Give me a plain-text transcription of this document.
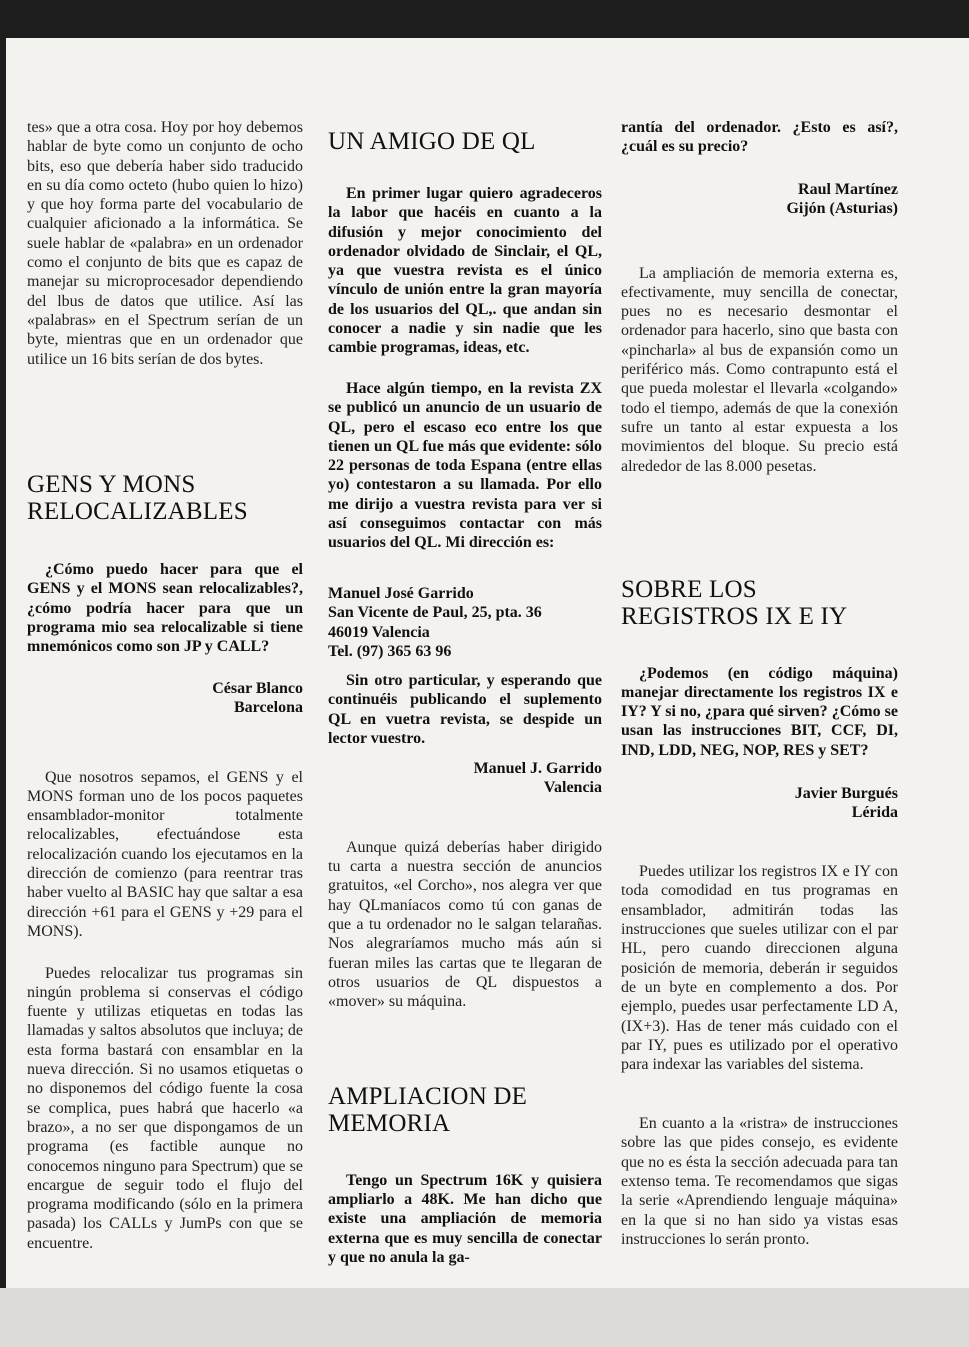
tes» que a otra cosa. Hoy por hoy debemos hablar de byte como un conjunto de ocho bits, eso que debería haber sido traducido en su día como octeto (hubo quien lo hizo) y que hoy forma parte del vocabulario de cualquier aficionado a la informática. Se suele hablar de «palabra» en un ordenador como el conjunto de bits que es capaz de manejar su microprocesador dependiendo del lbus de datos que utilice. Así las «palabras» en el Spectrum serían de un byte, mientras que en un ordenador que utilice un 16 bits serían de dos bytes.

GENS Y MONS RELOCALIZABLES

¿Cómo puedo hacer para que el GENS y el MONS sean relocalizables?, ¿cómo podría hacer para que un programa mio sea relocalizable si tiene mnemónicos como son JP y CALL?

César Blanco

Barcelona

Que nosotros sepamos, el GENS y el MONS forman uno de los pocos paquetes ensamblador-monitor totalmente relocalizables, efectuándose esta relocalización cuando los ejecutamos en la dirección de comienzo (para reentrar tras haber vuelto al BASIC hay que saltar a esa dirección +61 para el GENS y +29 para el MONS).

Puedes relocalizar tus programas sin ningún problema si conservas el código fuente y utilizas etiquetas en todas las llamadas y saltos absolutos que incluya; de esta forma bastará con ensamblar en la nueva dirección. Si no usamos etiquetas o no disponemos del código fuente la cosa se complica, pues habrá que hacerlo «a brazo», a no ser que dispongamos de un programa (es factible aunque no conocemos ninguno para Spectrum) que se encargue de seguir todo el flujo del programa modificando (sólo en la primera pasada) los CALLs y JumPs con que se encuentre.

UN AMIGO DE QL

En primer lugar quiero agradeceros la labor que hacéis en cuanto a la difusión y mejor conocimiento del ordenador olvidado de Sinclair, el QL, ya que vuestra revista es el único vínculo de unión entre la gran mayoría de los usuarios del QL,. que andan sin conocer a nadie y sin nadie que les cambie programas, ideas, etc.

Hace algún tiempo, en la revista ZX se publicó un anuncio de un usuario de QL, pero el escaso eco entre los que tienen un QL fue más que evidente: sólo 22 personas de toda Espana (entre ellas yo) contestaron a su llamada. Por ello me dirijo a vuestra revista para ver si así conseguimos contactar con más usuarios del QL. Mi dirección es:

Manuel José Garrido

San Vicente de Paul, 25, pta. 36

46019 Valencia

Tel. (97) 365 63 96

Sin otro particular, y esperando que continuéis publicando el suplemento QL en vuetra revista, se despide un lector vuestro.

Manuel J. Garrido

Valencia

Aunque quizá deberías haber dirigido tu carta a nuestra sección de anuncios gratuitos, «el Corcho», nos alegra ver que hay QLmaníacos como tú con ganas de que a tu ordenador no le salgan telarañas. Nos alegraríamos mucho más aún si fueran miles las cartas que te llegaran de otros usuarios de QL dispuestos a «mover» su máquina.

AMPLIACION DE MEMORIA

Tengo un Spectrum 16K y quisiera ampliarlo a 48K. Me han dicho que existe una ampliación de memoria externa que es muy sencilla de conectar y que no anula la ga-

rantía del ordenador. ¿Esto es así?, ¿cuál es su precio?

Raul Martínez

Gijón (Asturias)

La ampliación de memoria externa es, efectivamente, muy sencilla de conectar, pues no es necesario desmontar el ordenador para hacerlo, sino que basta con «pincharla» al bus de expansión como un periférico más. Como contrapunto está el que pueda molestar el llevarla «colgando» todo el tiempo, además de que la conexión sufre un tanto al estar expuesta a los movimientos del bloque. Su precio está alrededor de las 8.000 pesetas.

SOBRE LOS REGISTROS IX E IY

¿Podemos (en código máquina) manejar directamente los registros IX e IY? Y si no, ¿para qué sirven? ¿Cómo se usan las instrucciones BIT, CCF, DI, IND, LDD, NEG, NOP, RES y SET?

Javier Burgués

Lérida

Puedes utilizar los registros IX e IY con toda comodidad en tus programas en ensamblador, admitirán todas las instrucciones que sueles utilizar con el par HL, pero cuando direccionen alguna posición de memoria, deberán ir seguidos de un byte en complemento a dos. Por ejemplo, puedes usar perfectamente LD A, (IX+3). Has de tener más cuidado con el par IY, pues es utilizado por el operativo para indexar las variables del sistema.

En cuanto a la «ristra» de instrucciones sobre las que pides consejo, es evidente que no es ésta la sección adecuada para tan extenso tema. Te recomendamos que sigas la serie «Aprendiendo lenguaje máquina» en la que si no han sido ya vistas esas instrucciones lo serán pronto.
